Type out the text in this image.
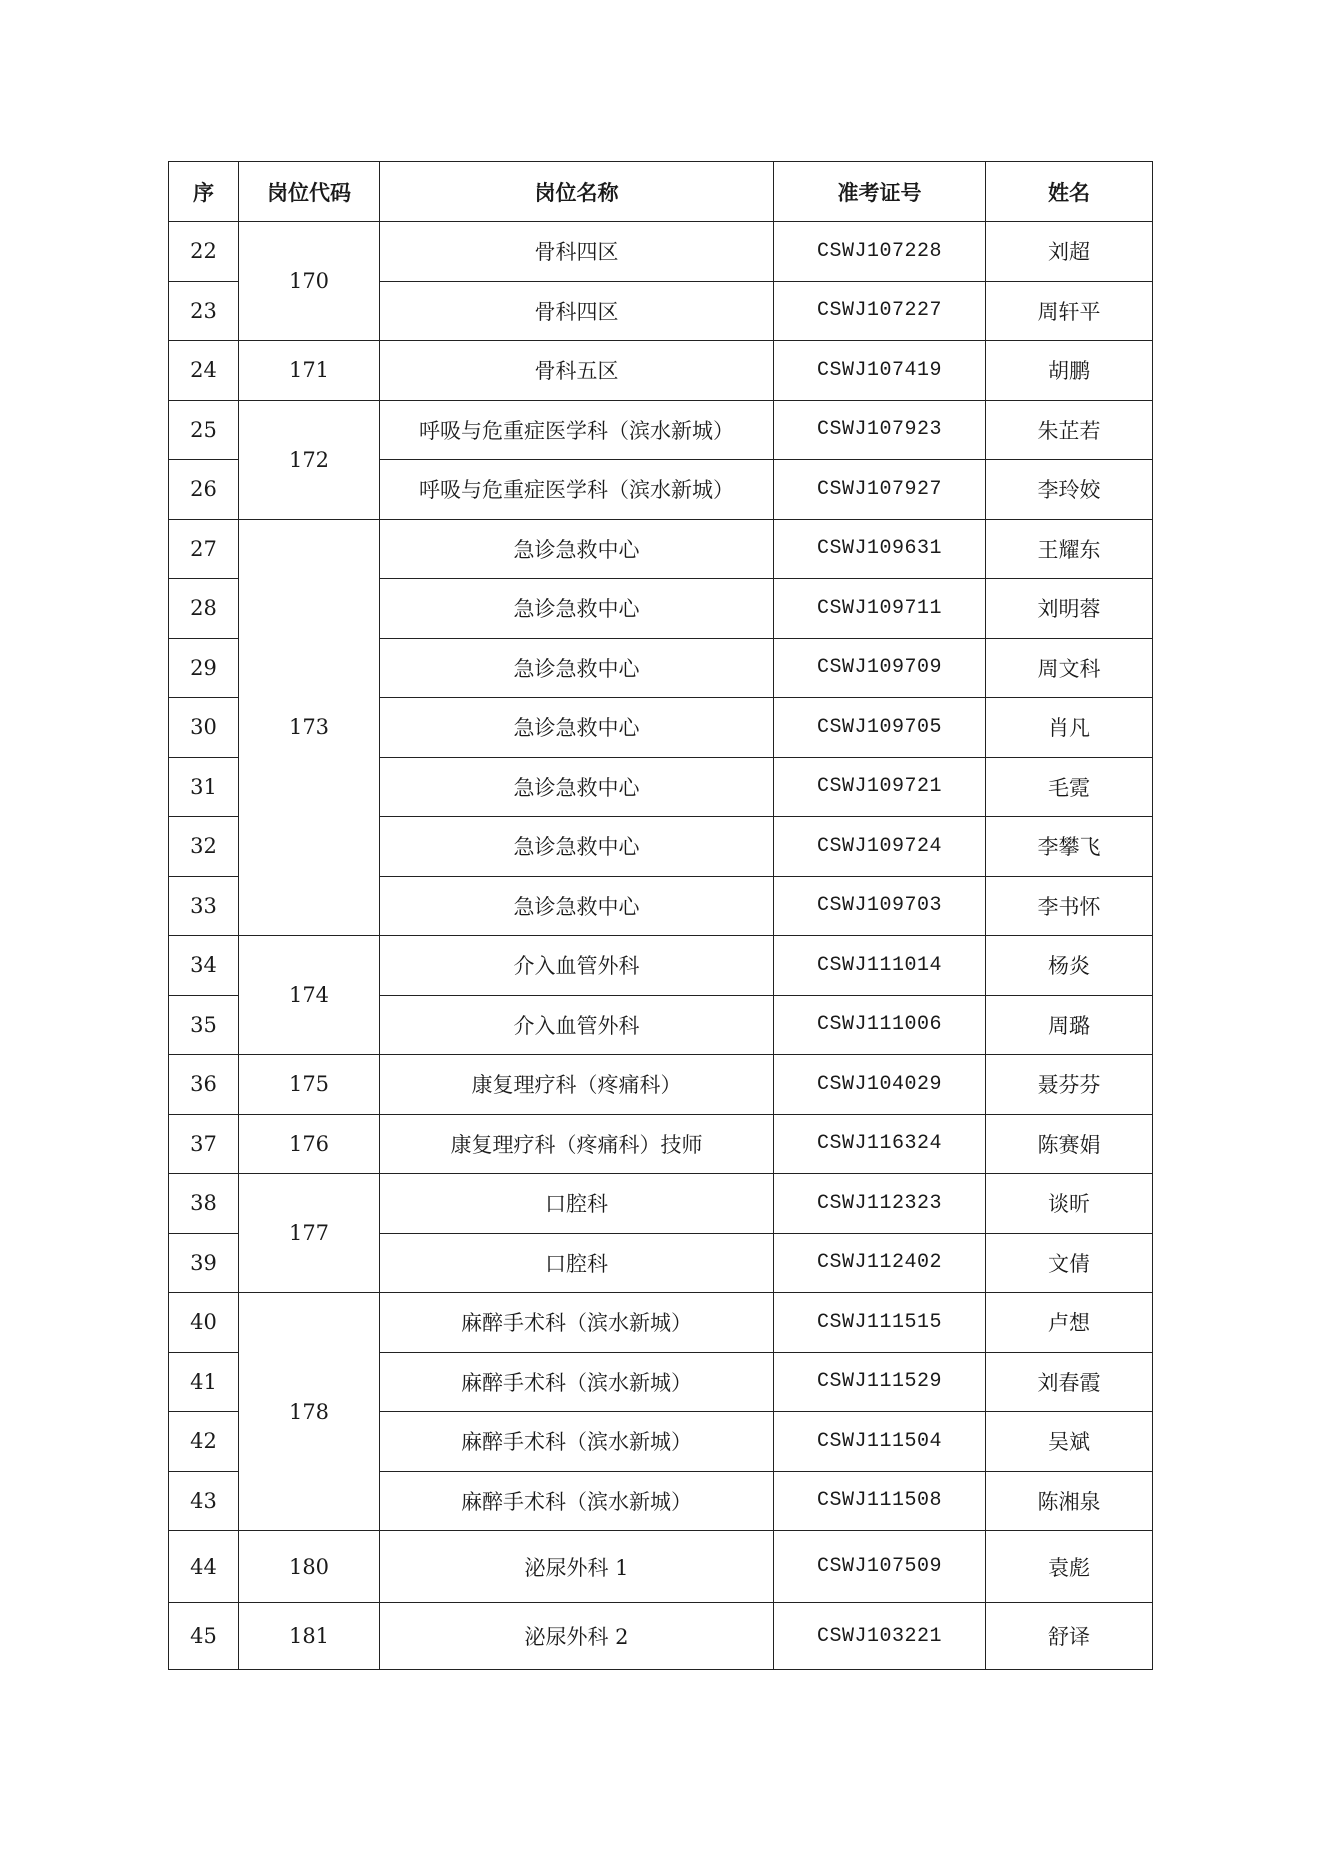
序	岗位代码	岗位名称	准考证号	姓名
22	170	骨科四区	CSWJ107228	刘超
23		骨科四区	CSWJ107227	周轩平
24	171	骨科五区	CSWJ107419	胡鹏
25	172	呼吸与危重症医学科（滨水新城）	CSWJ107923	朱芷若
26		呼吸与危重症医学科（滨水新城）	CSWJ107927	李玲姣
27	173	急诊急救中心	CSWJ109631	王耀东
28		急诊急救中心	CSWJ109711	刘明蓉
29		急诊急救中心	CSWJ109709	周文科
30		急诊急救中心	CSWJ109705	肖凡
31		急诊急救中心	CSWJ109721	毛霓
32		急诊急救中心	CSWJ109724	李攀飞
33		急诊急救中心	CSWJ109703	李书怀
34	174	介入血管外科	CSWJ111014	杨炎
35		介入血管外科	CSWJ111006	周璐
36	175	康复理疗科（疼痛科）	CSWJ104029	聂芬芬
37	176	康复理疗科（疼痛科）技师	CSWJ116324	陈赛娟
38	177	口腔科	CSWJ112323	谈昕
39		口腔科	CSWJ112402	文倩
40	178	麻醉手术科（滨水新城）	CSWJ111515	卢想
41		麻醉手术科（滨水新城）	CSWJ111529	刘春霞
42		麻醉手术科（滨水新城）	CSWJ111504	吴斌
43		麻醉手术科（滨水新城）	CSWJ111508	陈湘泉
44	180	泌尿外科 1	CSWJ107509	袁彪
45	181	泌尿外科 2	CSWJ103221	舒译
